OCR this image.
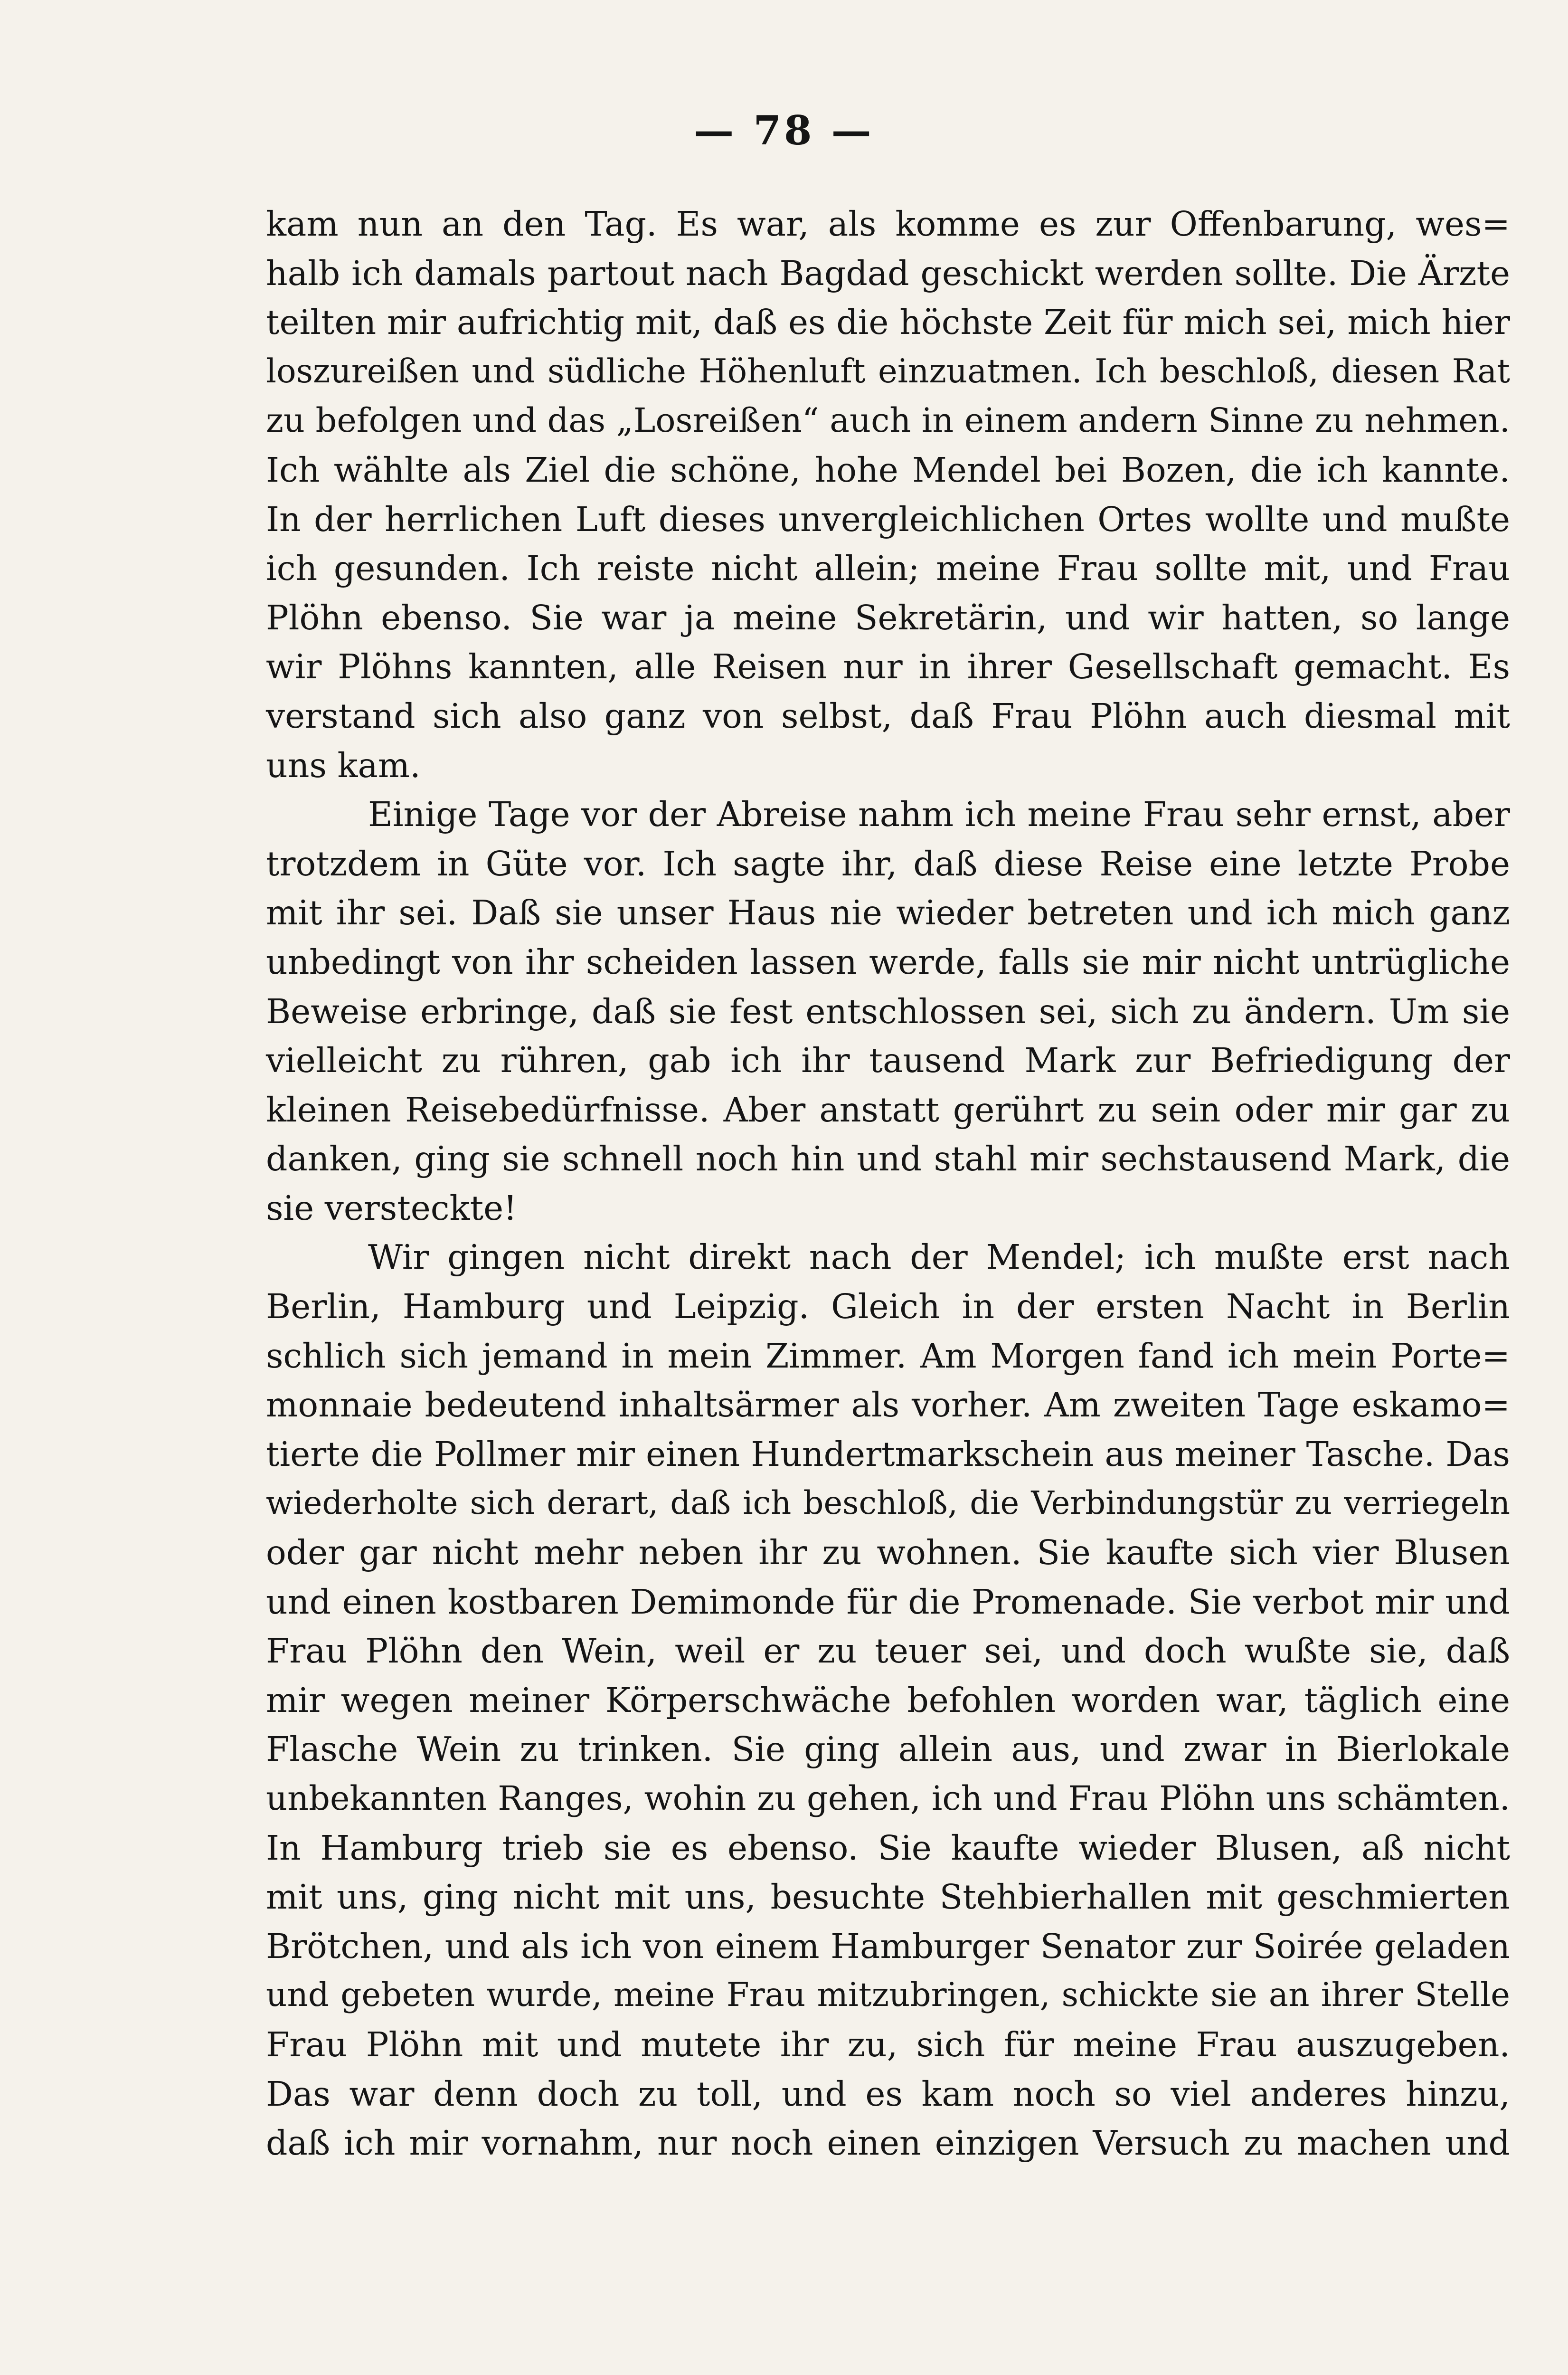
— 78 —
kam nun an den Tag. Es war, als komme es zur Offenbarung, wes=
halb ich damals partout nach Bagdad geschickt werden sollte. Die Ärzte
teilten mir aufrichtig mit, daß es die höchste Zeit für mich sei, mich hier
loszureißen und südliche Höhenluft einzuatmen. Ich beschloß, diesen Rat
zu befolgen und das „Losreißen“ auch in einem andern Sinne zu nehmen.
Ich wählte als Ziel die schöne, hohe Mendel bei Bozen, die ich kannte.
In der herrlichen Luft dieses unvergleichlichen Ortes wollte und mußte
ich gesunden. Ich reiste nicht allein; meine Frau sollte mit, und Frau
Plöhn ebenso. Sie war ja meine Sekretärin, und wir hatten, so lange
wir Plöhns kannten, alle Reisen nur in ihrer Gesellschaft gemacht. Es
verstand sich also ganz von selbst, daß Frau Plöhn auch diesmal mit
uns kam.
Einige Tage vor der Abreise nahm ich meine Frau sehr ernst, aber
trotzdem in Güte vor. Ich sagte ihr, daß diese Reise eine letzte Probe
mit ihr sei. Daß sie unser Haus nie wieder betreten und ich mich ganz
unbedingt von ihr scheiden lassen werde, falls sie mir nicht untrügliche
Beweise erbringe, daß sie fest entschlossen sei, sich zu ändern. Um sie
vielleicht zu rühren, gab ich ihr tausend Mark zur Befriedigung der
kleinen Reisebedürfnisse. Aber anstatt gerührt zu sein oder mir gar zu
danken, ging sie schnell noch hin und stahl mir sechstausend Mark, die
sie versteckte!
Wir gingen nicht direkt nach der Mendel; ich mußte erst nach
Berlin, Hamburg und Leipzig. Gleich in der ersten Nacht in Berlin
schlich sich jemand in mein Zimmer. Am Morgen fand ich mein Porte=
monnaie bedeutend inhaltsärmer als vorher. Am zweiten Tage eskamo=
tierte die Pollmer mir einen Hundertmarkschein aus meiner Tasche. Das
wiederholte sich derart, daß ich beschloß, die Verbindungstür zu verriegeln
oder gar nicht mehr neben ihr zu wohnen. Sie kaufte sich vier Blusen
und einen kostbaren Demimonde für die Promenade. Sie verbot mir und
Frau Plöhn den Wein, weil er zu teuer sei, und doch wußte sie, daß
mir wegen meiner Körperschwäche befohlen worden war, täglich eine
Flasche Wein zu trinken. Sie ging allein aus, und zwar in Bierlokale
unbekannten Ranges, wohin zu gehen, ich und Frau Plöhn uns schämten.
In Hamburg trieb sie es ebenso. Sie kaufte wieder Blusen, aß nicht
mit uns, ging nicht mit uns, besuchte Stehbierhallen mit geschmierten
Brötchen, und als ich von einem Hamburger Senator zur Soirée geladen
und gebeten wurde, meine Frau mitzubringen, schickte sie an ihrer Stelle
Frau Plöhn mit und mutete ihr zu, sich für meine Frau auszugeben.
Das war denn doch zu toll, und es kam noch so viel anderes hinzu,
daß ich mir vornahm, nur noch einen einzigen Versuch zu machen und
